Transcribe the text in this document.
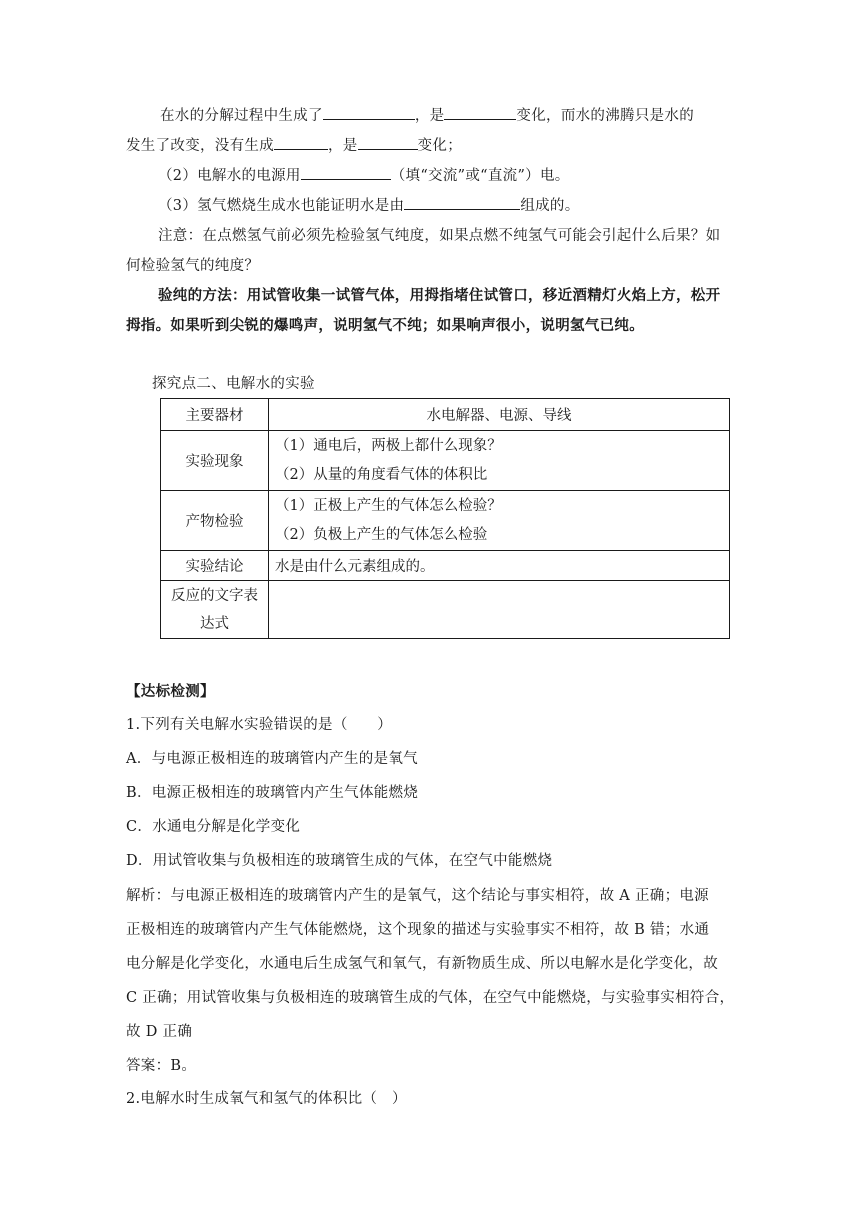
在水的分解过程中生成了	，是	变化，而水的沸腾只是水的
发生了改变，没有生成	，是	变化；
（2）电解水的电源用	（填“交流”或“直流”）电。
（3）氢气燃烧生成水也能证明水是由	组成的。
注意：在点燃氢气前必须先检验氢气纯度，如果点燃不纯氢气可能会引起什么后果？如
何检验氢气的纯度？
验纯的方法：用试管收集一试管气体，用拇指堵住试管口，移近酒精灯火焰上方，松开
拇指。如果听到尖锐的爆鸣声，说明氢气不纯；如果响声很小，说明氢气已纯。
探究点二、电解水的实验
主要器材	水电解器、电源、导线
实验现象	（1）通电后，两极上都什么现象？
（2）从量的角度看气体的体积比

产物检验	（1）正极上产生的气体怎么检验？
（2）负极上产生的气体怎么检验

实验结论	水是由什么元素组成的。

反应的文字表
达式	

【达标检测】
1.下列有关电解水实验错误的是（　　）
A．与电源正极相连的玻璃管内产生的是氧气
B．电源正极相连的玻璃管内产生气体能燃烧
C．水通电分解是化学变化
D．用试管收集与负极相连的玻璃管生成的气体，在空气中能燃烧
解析：与电源正极相连的玻璃管内产生的是氧气，这个结论与事实相符，故 A 正确；电源
正极相连的玻璃管内产生气体能燃烧，这个现象的描述与实验事实不相符，故 B 错；水通
电分解是化学变化，水通电后生成氢气和氧气，有新物质生成、所以电解水是化学变化，故
C 正确；用试管收集与负极相连的玻璃管生成的气体，在空气中能燃烧，与实验事实相符合，
故 D 正确
答案：B。
2.电解水时生成氧气和氢气的体积比（　）
